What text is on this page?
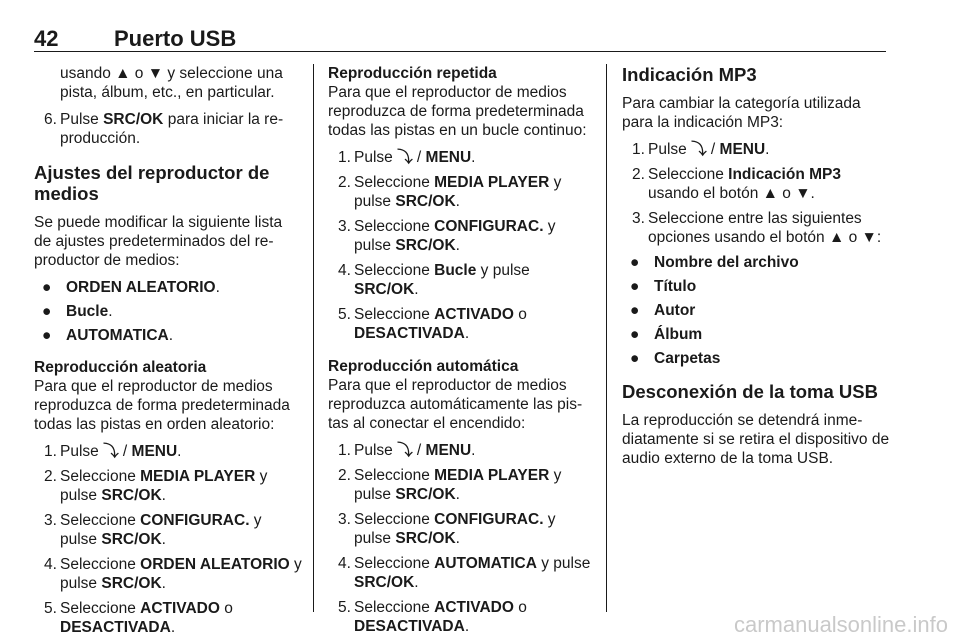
42	Puerto USB

usando ▲ o ▼ y seleccione una pista, álbum, etc., en particular.

6. Pulse SRC/OK para iniciar la re-producción.

Ajustes del reproductor de medios

Se puede modificar la siguiente lista de ajustes predeterminados del re-productor de medios:

● ORDEN ALEATORIO.
● Bucle.
● AUTOMATICA.

Reproducción aleatoria

Para que el reproductor de medios reproduzca de forma predeterminada todas las pistas en orden aleatorio:

1. Pulse ⤵ / MENU.
2. Seleccione MEDIA PLAYER y pulse SRC/OK.
3. Seleccione CONFIGURAC. y pulse SRC/OK.
4. Seleccione ORDEN ALEATORIO y pulse SRC/OK.
5. Seleccione ACTIVADO o DESACTIVADA.

Reproducción repetida

Para que el reproductor de medios reproduzca de forma predeterminada todas las pistas en un bucle continuo:

1. Pulse ⤵ / MENU.
2. Seleccione MEDIA PLAYER y pulse SRC/OK.
3. Seleccione CONFIGURAC. y pulse SRC/OK.
4. Seleccione Bucle y pulse SRC/OK.
5. Seleccione ACTIVADO o DESACTIVADA.

Reproducción automática

Para que el reproductor de medios reproduzca automáticamente las pis-tas al conectar el encendido:

1. Pulse ⤵ / MENU.
2. Seleccione MEDIA PLAYER y pulse SRC/OK.
3. Seleccione CONFIGURAC. y pulse SRC/OK.
4. Seleccione AUTOMATICA y pulse SRC/OK.
5. Seleccione ACTIVADO o DESACTIVADA.

Indicación MP3

Para cambiar la categoría utilizada para la indicación MP3:

1. Pulse ⤵ / MENU.
2. Seleccione Indicación MP3 usando el botón ▲ o ▼.
3. Seleccione entre las siguientes opciones usando el botón ▲ o ▼:
● Nombre del archivo
● Título
● Autor
● Álbum
● Carpetas

Desconexión de la toma USB

La reproducción se detendrá inme-diatamente si se retira el dispositivo de audio externo de la toma USB.

carmanualsonline.info
